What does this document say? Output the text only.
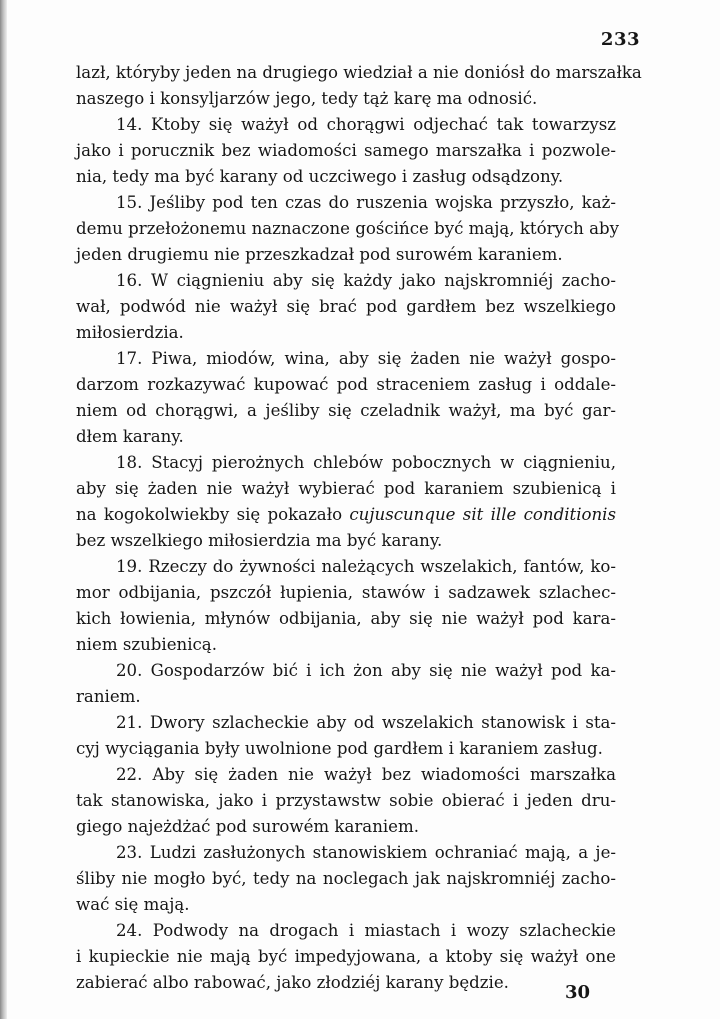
233
lazł, któryby jeden na drugiego wiedział a nie doniósł do marszałka
naszego i konsyljarzów jego, tedy tąż karę ma odnosić.
14. Ktoby się ważył od chorągwi odjechać tak towarzysz
jako i porucznik bez wiadomości samego marszałka i pozwole-
nia, tedy ma być karany od uczciwego i zasług odsądzony.
15. Jeśliby pod ten czas do ruszenia wojska przyszło, każ-
demu przełożonemu naznaczone gościńce być mają, których aby
jeden drugiemu nie przeszkadzał pod surowém karaniem.
16. W ciągnieniu aby się każdy jako najskromniéj zacho-
wał, podwód nie ważył się brać pod gardłem bez wszelkiego
miłosierdzia.
17. Piwa, miodów, wina, aby się żaden nie ważył gospo-
darzom rozkazywać kupować pod straceniem zasług i oddale-
niem od chorągwi, a jeśliby się czeladnik ważył, ma być gar-
dłem karany.
18. Stacyj pierożnych chlebów pobocznych w ciągnieniu,
aby się żaden nie ważył wybierać pod karaniem szubienicą i
na kogokolwiekby się pokazało cujuscunque sit ille conditionis
bez wszelkiego miłosierdzia ma być karany.
19. Rzeczy do żywności należących wszelakich, fantów, ko-
mor odbijania, pszczół łupienia, stawów i sadzawek szlachec-
kich łowienia, młynów odbijania, aby się nie ważył pod kara-
niem szubienicą.
20. Gospodarzów bić i ich żon aby się nie ważył pod ka-
raniem.
21. Dwory szlacheckie aby od wszelakich stanowisk i sta-
cyj wyciągania były uwolnione pod gardłem i karaniem zasług.
22. Aby się żaden nie ważył bez wiadomości marszałka
tak stanowiska, jako i przystawstw sobie obierać i jeden dru-
giego najeżdżać pod surowém karaniem.
23. Ludzi zasłużonych stanowiskiem ochraniać mają, a je-
śliby nie mogło być, tedy na noclegach jak najskromniéj zacho-
wać się mają.
24. Podwody na drogach i miastach i wozy szlacheckie
i kupieckie nie mają być impedyjowana, a ktoby się ważył one
zabierać albo rabować, jako złodziéj karany będzie.	30
